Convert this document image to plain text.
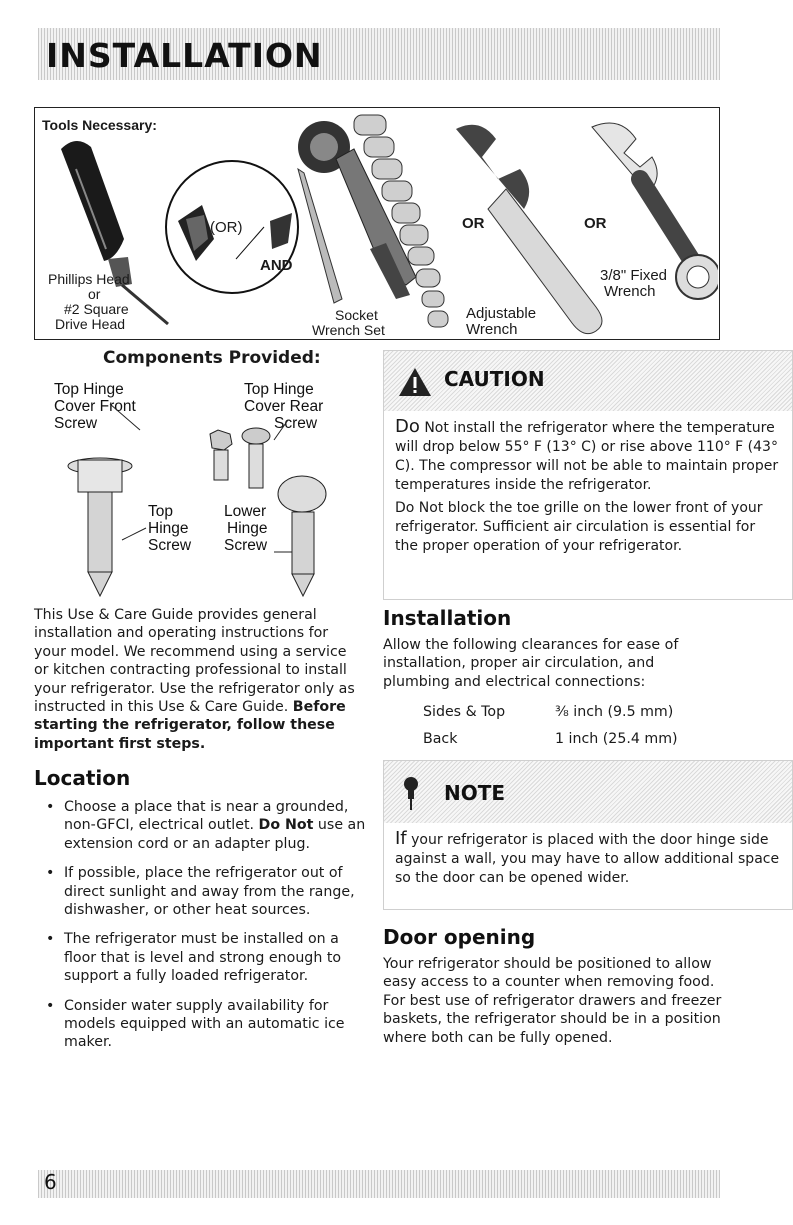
INSTALLATION
Tools Necessary:
Phillips Head
or
#2 Square
Drive Head
(OR)
AND
Socket
Wrench Set
OR	OR
Adjustable
Wrench
3/8" Fixed
Wrench
Components Provided:
Top Hinge
Cover Front
Screw
Top Hinge
Cover Rear
Screw
Top
Hinge
Screw
Lower
Hinge
Screw
CAUTION

Do Not install the refrigerator where the temperature will drop below 55° F (13° C) or rise above 110° F (43° C). The compressor will not be able to maintain proper temperatures inside the refrigerator.

Do Not block the toe grille on the lower front of your refrigerator. Sufficient air circulation is essential for the proper operation of your refrigerator.

This Use & Care Guide provides general installation and operating instructions for your model. We recommend using a service or kitchen contracting professional to install your refrigerator. Use the refrigerator only as instructed in this Use & Care Guide. Before starting the refrigerator, follow these important first steps.
Installation
Allow the following clearances for ease of installation, proper air circulation, and plumbing and electrical connections:
Sides & Top	⅜ inch (9.5 mm)
Back	1 inch (25.4 mm)
Location
• Choose a place that is near a grounded, non-GFCI, electrical outlet. Do Not use an extension cord or an adapter plug.
• If possible, place the refrigerator out of direct sunlight and away from the range, dishwasher, or other heat sources.
• The refrigerator must be installed on a floor that is level and strong enough to support a fully loaded refrigerator.
• Consider water supply availability for models equipped with an automatic ice maker.
NOTE
If your refrigerator is placed with the door hinge side against a wall, you may have to allow additional space so the door can be opened wider.
Door opening
Your refrigerator should be positioned to allow easy access to a counter when removing food. For best use of refrigerator drawers and freezer baskets, the refrigerator should be in a position where both can be fully opened.
6
